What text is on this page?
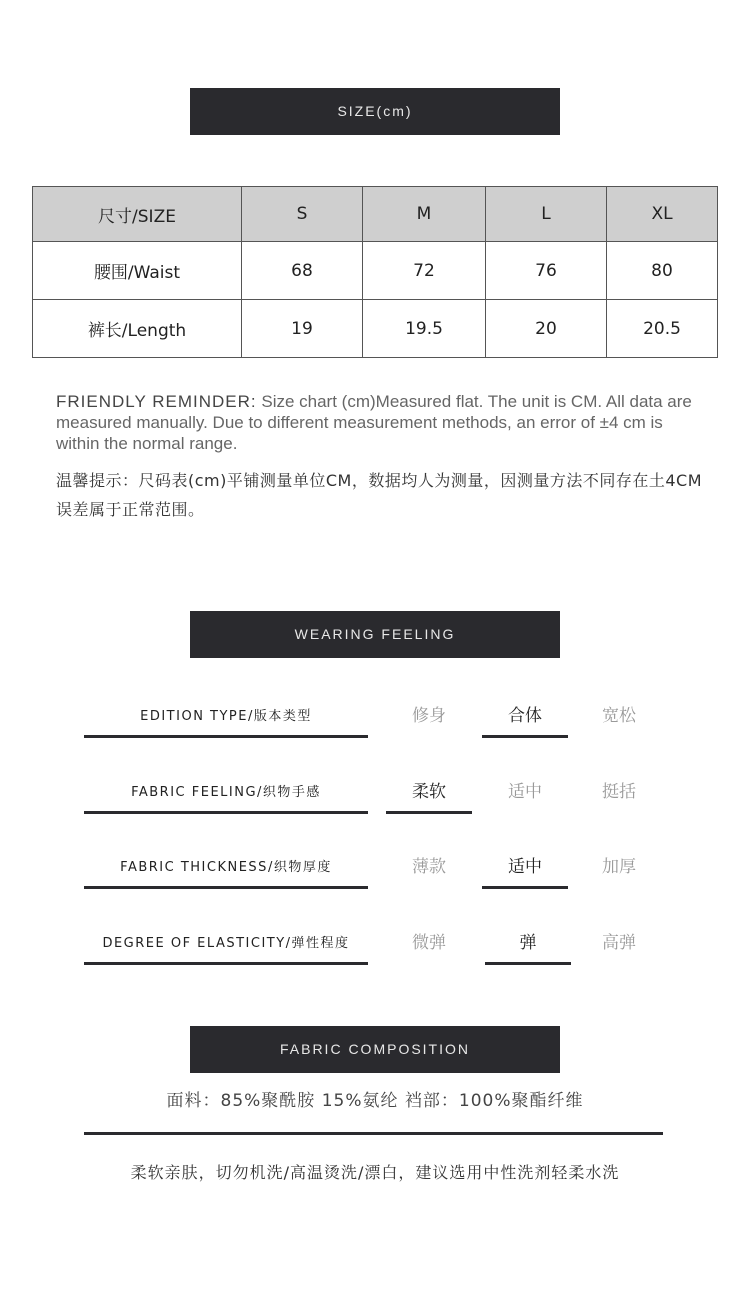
SIZE(cm)
尺寸/SIZE	S	M	L	XL
腰围/Waist	68	72	76	80
裤长/Length	19	19.5	20	20.5
FRIENDLY REMINDER: Size chart (cm)Measured flat. The unit is CM. All data are measured manually. Due to different measurement methods, an error of ±4 cm is within the normal range.
温馨提示：尺码表(cm)平铺测量单位CM，数据均人为测量，因测量方法不同存在土4CM误差属于正常范围。
WEARING FEELING
EDITION TYPE/版本类型	修身	合体	宽松
FABRIC FEELING/织物手感	柔软	适中	挺括
FABRIC THICKNESS/织物厚度	薄款	适中	加厚
DEGREE OF ELASTICITY/弹性程度	微弹	弹	高弹
FABRIC COMPOSITION
面料：85%聚酰胺 15%氨纶 裆部：100%聚酯纤维
柔软亲肤，切勿机洗/高温烫洗/漂白，建议选用中性洗剂轻柔水洗
